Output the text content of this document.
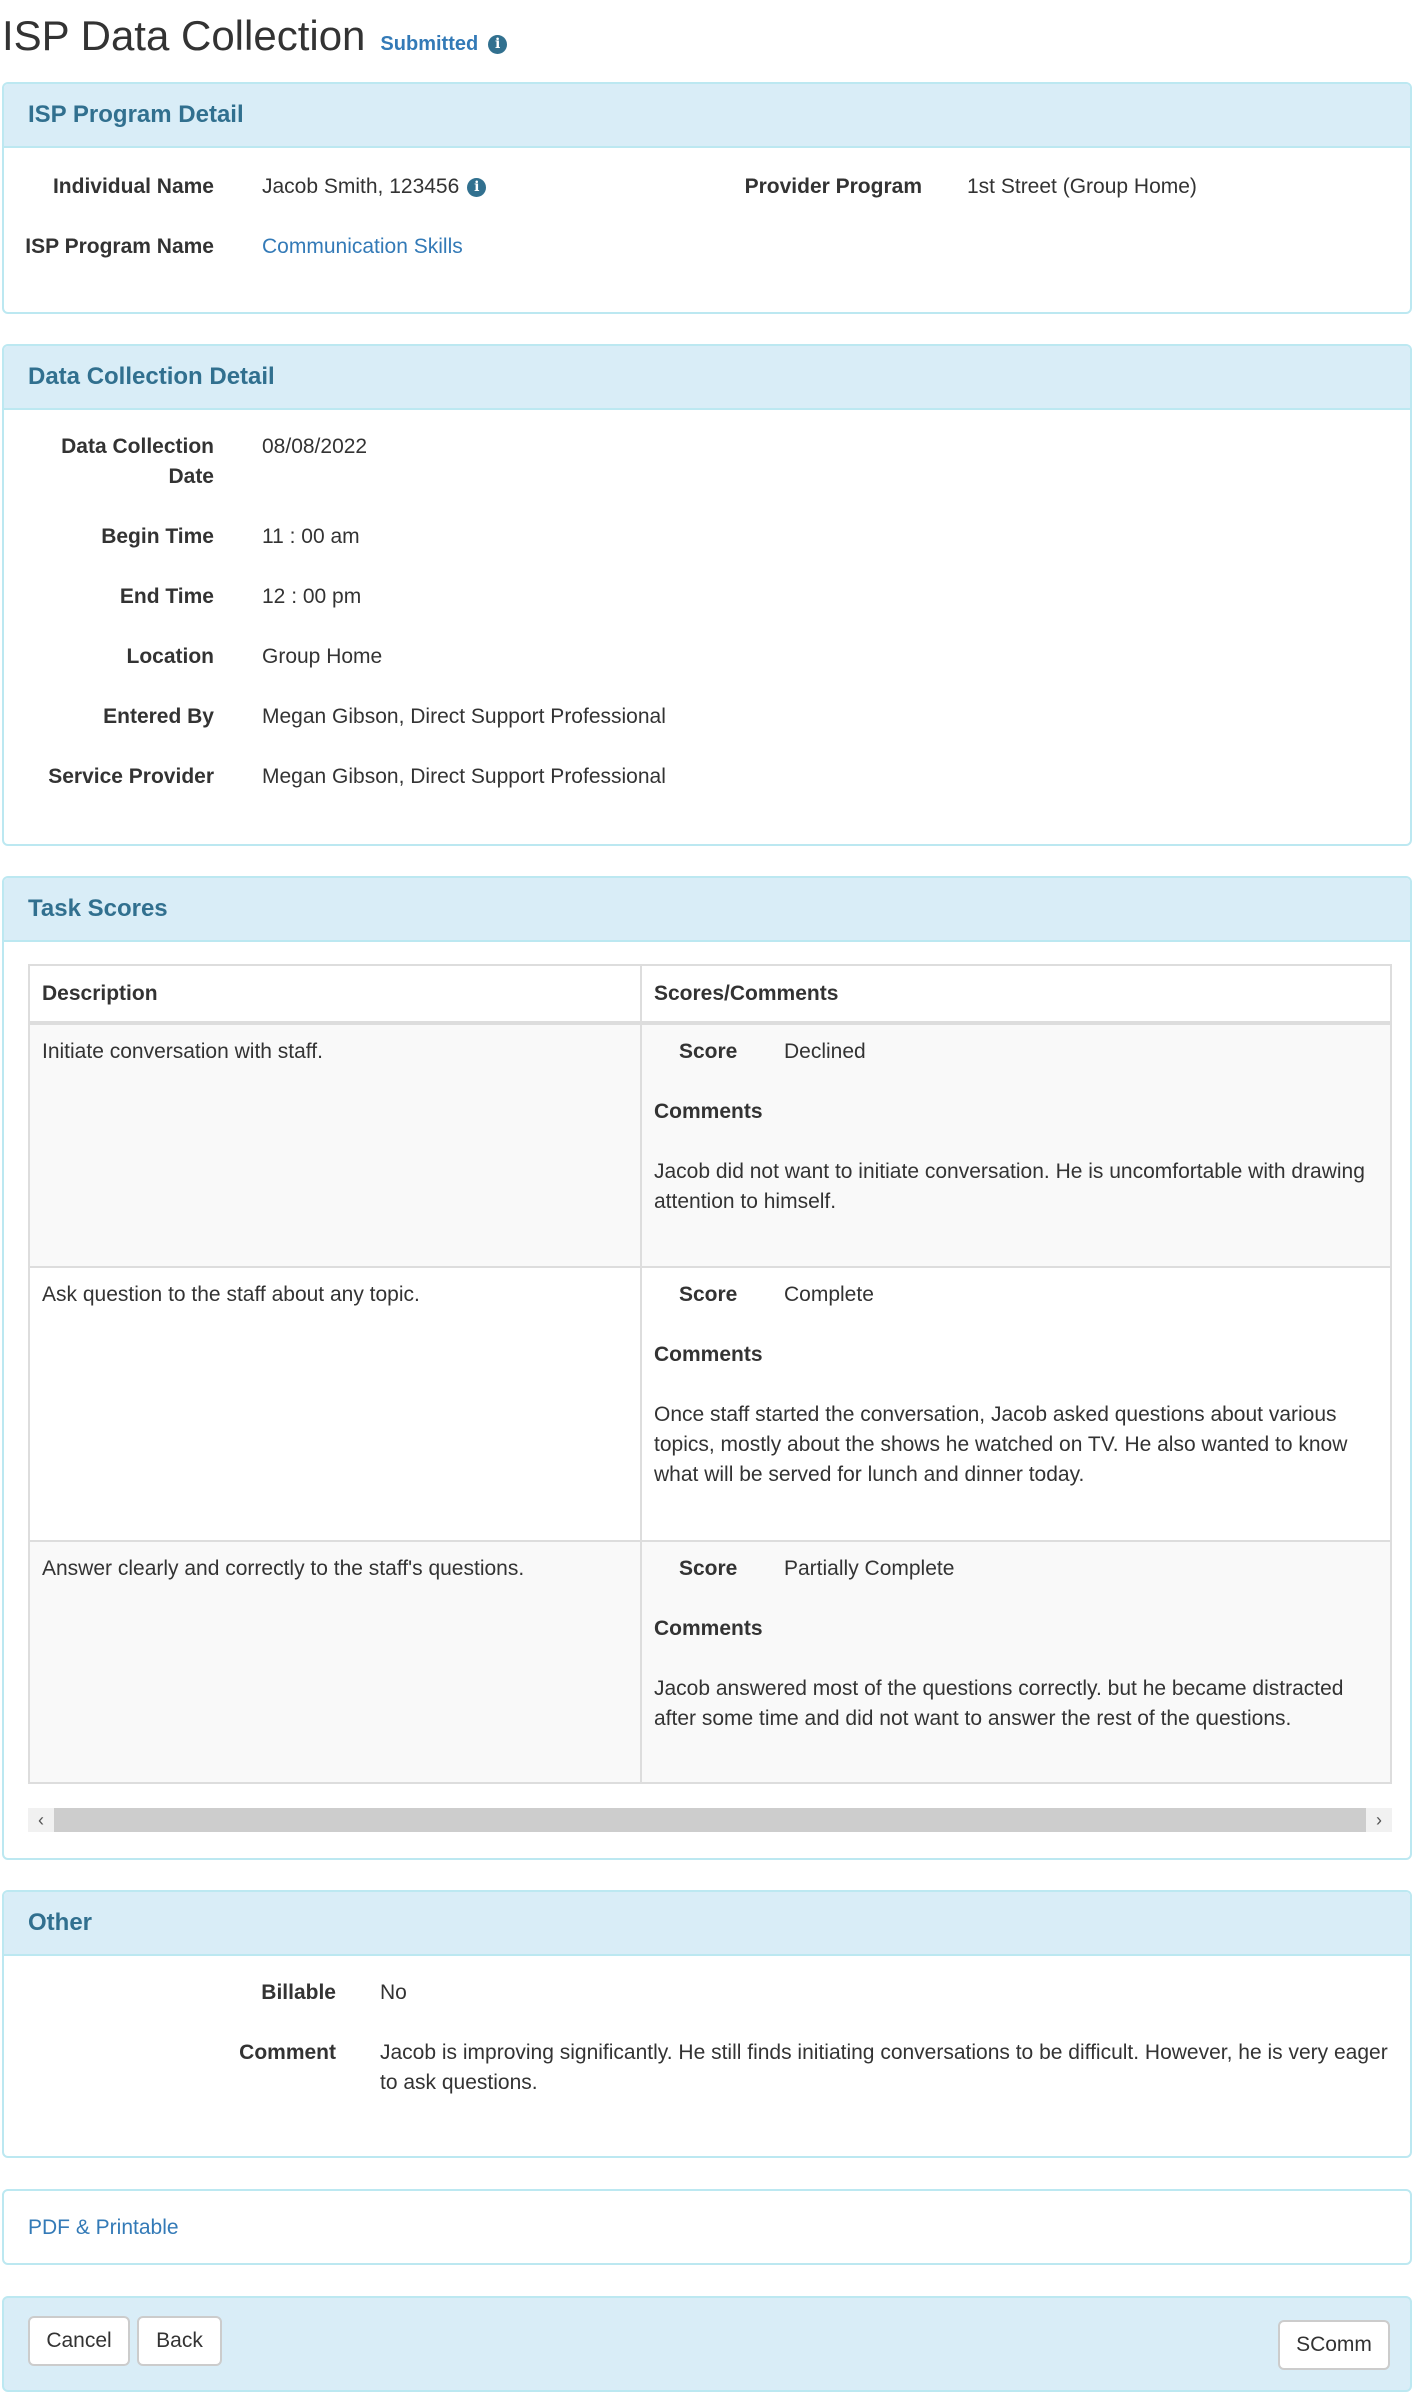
ISP Data Collection Submitted	i
ISP Program Detail
Individual Name Jacob Smith, 123456 i	Provider Program 1st Street (Group Home)
ISP Program Name Communication Skills
Data Collection Detail
Data Collection
Date
08/08/2022
Begin Time 11 : 00 am
End Time 12 : 00 pm
Location Group Home
Entered By Megan Gibson, Direct Support Professional
Service Provider Megan Gibson, Direct Support Professional
Task Scores
Description	Scores/Comments
Initiate conversation with staff.	Score Declined
Comments
Jacob did not want to initiate conversation. He is uncomfortable with drawing attention to himself.

Ask question to the staff about any topic.	Score Complete
Comments
Once staff started the conversation, Jacob asked questions about various topics, mostly about the shows he watched on TV. He also wanted to know what will be served for lunch and dinner today.

Answer clearly and correctly to the staff's questions.	Score Partially Complete
Comments
Jacob answered most of the questions correctly. but he became distracted after some time and did not want to answer the rest of the questions.
‹	›
Other
Billable No
Comment Jacob is improving significantly. He still finds initiating conversations to be difficult. However, he is very eager to ask questions.
PDF & Printable
Cancel	Back	SComm
